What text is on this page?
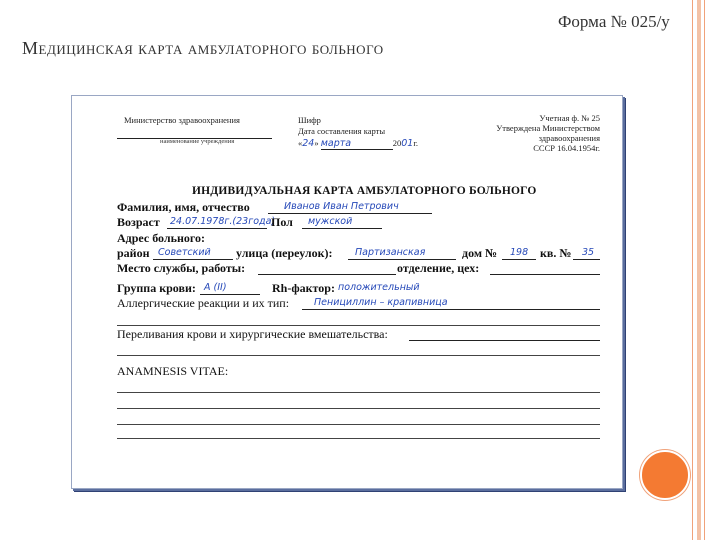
Форма № 025/у
Медицинская карта амбулаторного больного
Министерство здравоохранения
наименование учреждения
Шифр
Дата составления карты
«24» марта	2001г.
Учетная ф. № 25
Утверждена Министерством
здравоохранения
СССР 16.04.1954г.
ИНДИВИДУАЛЬНАЯ КАРТА АМБУЛАТОРНОГО БОЛЬНОГО
Фамилия, имя, отчество	Иванов Иван Петрович
Возраст 24.07.1978г.(23года)
Пол мужской
Адрес больного:
район Советский улица (переулок): Партизанская	дом № 198 кв. № 35
Место службы, работы:	отделение, цех:
Группа крови: А (II)	Rh-фактор: положительный
Аллергические реакции и их тип:	Пенициллин – крапивница
Переливания крови и хирургические вмешательства:
ANAMNESIS VITAE:
